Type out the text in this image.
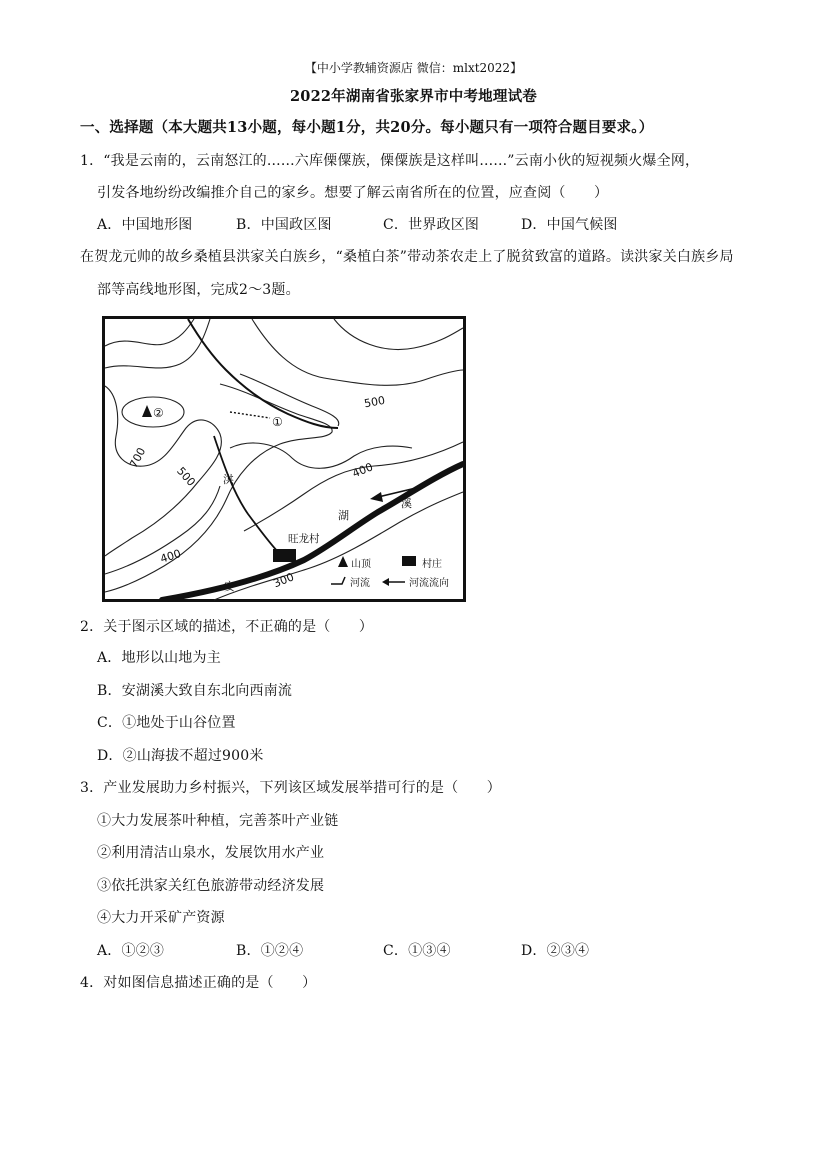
【中小学教辅资源店 微信：mlxt2022】
2022年湖南省张家界市中考地理试卷
一、选择题（本大题共13小题，每小题1分，共20分。每小题只有一项符合题目要求。）
1．“我是云南的，云南怒江的......六库傈僳族，傈僳族是这样叫......”云南小伙的短视频火爆全网，
引发各地纷纷改编推介自己的家乡。想要了解云南省所在的位置，应查阅（　　）
A．中国地形图	B．中国政区图	C．世界政区图	D．中国气候图
在贺龙元帅的故乡桑植县洪家关白族乡，“桑植白茶”带动茶农走上了脱贫致富的道路。读洪家关白族乡局
部等高线地形图，完成2～3题。
②
①
旺龙村
500
700
500	400
400
300
洪
安
湖
溪
山顶	村庄
河流	河流流向
2．关于图示区域的描述，不正确的是（　　）
A．地形以山地为主
B．安湖溪大致自东北向西南流
C．①地处于山谷位置
D．②山海拔不超过900米
3．产业发展助力乡村振兴，下列该区域发展举措可行的是（　　）
①大力发展茶叶种植，完善茶叶产业链
②利用清洁山泉水，发展饮用水产业
③依托洪家关红色旅游带动经济发展
④大力开采矿产资源
A．①②③	B．①②④	C．①③④	D．②③④
4．对如图信息描述正确的是（　　）
